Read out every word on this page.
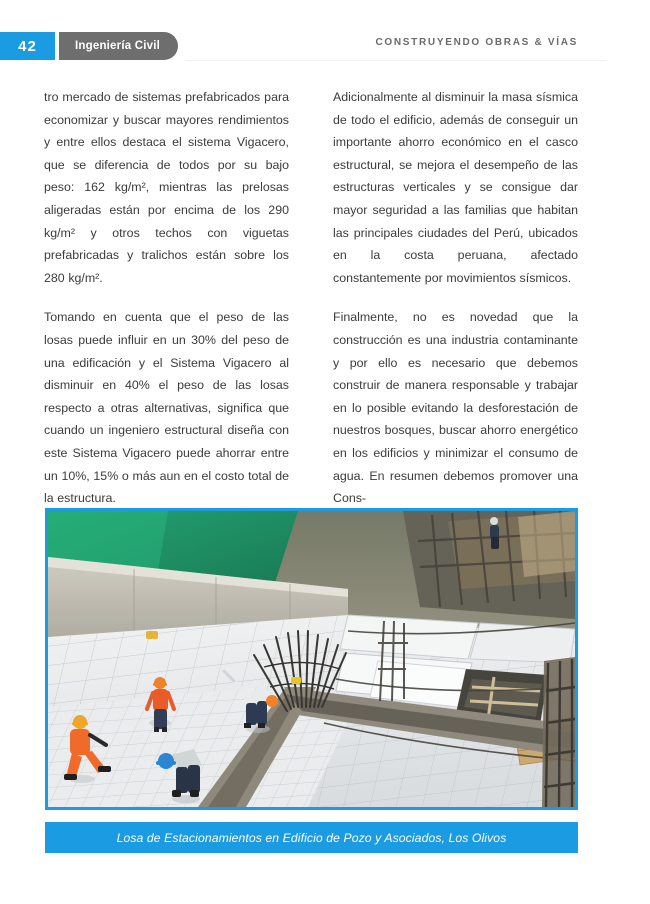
42	Ingeniería Civil	CONSTRUYENDO OBRAS & VÍAS

tro mercado de sistemas prefabricados para economizar y buscar mayores rendimientos y entre ellos destaca el sistema Vigacero, que se diferencia de todos por su bajo peso: 162 kg/m², mientras las prelosas aligeradas están por encima de los 290 kg/m² y otros techos con viguetas prefabricadas y tralichos están sobre los 280 kg/m².

Tomando en cuenta que el peso de las losas puede influir en un 30% del peso de una edificación y el Sistema Vigacero al disminuir en 40% el peso de las losas respecto a otras alternativas, significa que cuando un ingeniero estructural diseña con este Sistema Vigacero puede ahorrar entre un 10%, 15% o más aun en el costo total de la estructura.

Adicionalmente al disminuir la masa sísmica de todo el edificio, además de conseguir un importante ahorro económico en el casco estructural, se mejora el desempeño de las estructuras verticales y se consigue dar mayor seguridad a las familias que habitan las principales ciudades del Perú, ubicados en la costa peruana, afectado constantemente por movimientos sísmicos.

Finalmente, no es novedad que la construcción es una industria contaminante y por ello es necesario que debemos construir de manera responsable y trabajar en lo posible evitando la desforestación de nuestros bosques, buscar ahorro energético en los edificios y minimizar el consumo de agua. En resumen debemos promover una Cons-

Losa de Estacionamientos en Edificio de Pozo y Asociados, Los Olivos
